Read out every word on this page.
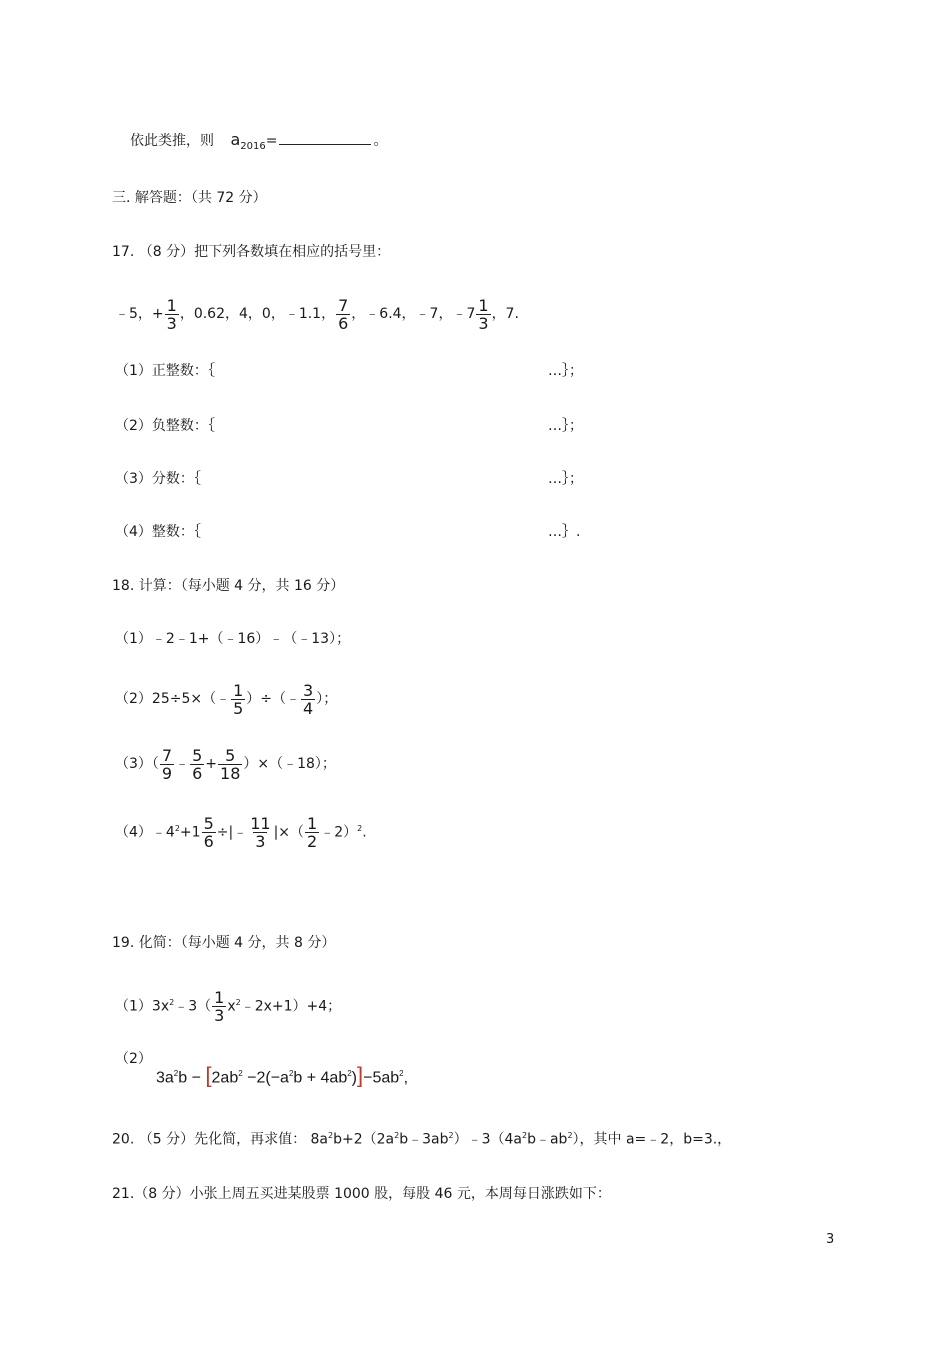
依此类推，则 $a_{2016}=$	。
三. 解答题：（共 72 分）
17. （8 分）把下列各数填在相应的括号里：
﹣5，+ $\frac{1}{3}$ ，0.62，4，0，﹣1.1， $\frac{7}{6}$ ，﹣6.4，﹣7，﹣7 $\frac{1}{3}$ ，7.
（1）正整数：｛	…｝；
（2）负整数：｛	…｝；
（3）分数：｛	…｝；
（4）整数：｛	…｝.
18. 计算：（每小题 4 分，共 16 分）
（1）﹣2﹣1+（﹣16）﹣（﹣13）；
（2）25÷5×（﹣ $\frac{1}{5}$ ）÷（﹣ $\frac{3}{4}$ ）；
$(3)( \frac{7}{9}$ ﹣ $\frac{5}{6} + \frac{5}{18}$ ）×（﹣18）；
$(4)﹣4^2+1 \frac{5}{6}$ ÷|﹣ $\frac{11}{3}$ |×（ $\frac{1}{2}$ ﹣2）$^2$.
19. 化简：（每小题 4 分，共 8 分）
$(1)3x^2﹣3( \frac{1}{3}$ $x^2﹣2x+1)+4$；
（2）
$3a^2b - [2ab^2 -2(-a^2b + 4ab^2)]-5ab^2$,
20. （5 分）先化简，再求值： $8a^2b+2(2a^2b﹣3ab^2)﹣3(4a^2b﹣ab^2)$，其中 a=﹣2，b=3.，
21.（8 分）小张上周五买进某股票 1000 股，每股 46 元，本周每日涨跌如下：
3
